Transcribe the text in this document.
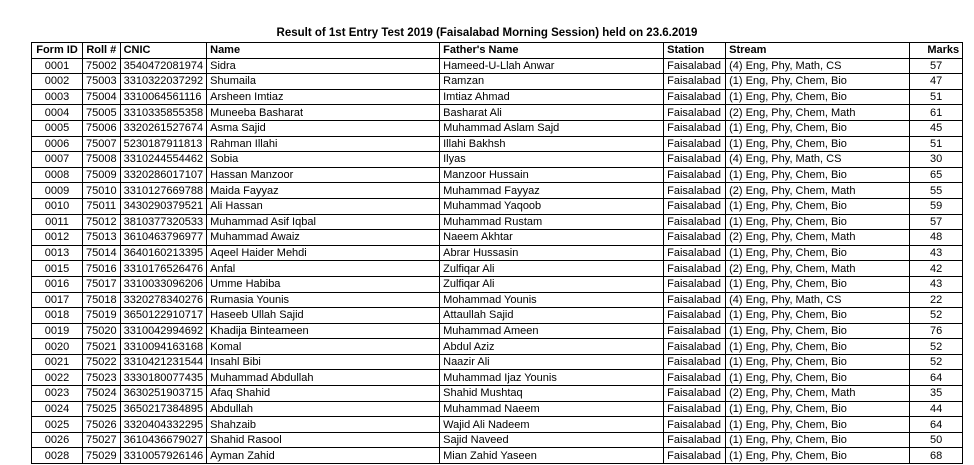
Result of 1st Entry Test 2019 (Faisalabad Morning Session) held on 23.6.2019
Form ID	Roll #	CNIC	Name	Father's Name	Station	Stream	Marks
0001	75002	3540472081974	Sidra	Hameed-U-Llah Anwar	Faisalabad	(4) Eng, Phy, Math, CS	57
0002	75003	3310322037292	Shumaila	Ramzan	Faisalabad	(1) Eng, Phy, Chem, Bio	47
0003	75004	3310064561116	Arsheen Imtiaz	Imtiaz Ahmad	Faisalabad	(1) Eng, Phy, Chem, Bio	51
0004	75005	3310335855358	Muneeba Basharat	Basharat Ali	Faisalabad	(2) Eng, Phy, Chem, Math	61
0005	75006	3320261527674	Asma Sajid	Muhammad Aslam Sajd	Faisalabad	(1) Eng, Phy, Chem, Bio	45
0006	75007	5230187911813	Rahman Illahi	Illahi Bakhsh	Faisalabad	(1) Eng, Phy, Chem, Bio	51
0007	75008	3310244554462	Sobia	Ilyas	Faisalabad	(4) Eng, Phy, Math, CS	30
0008	75009	3320286017107	Hassan Manzoor	Manzoor Hussain	Faisalabad	(1) Eng, Phy, Chem, Bio	65
0009	75010	3310127669788	Maida Fayyaz	Muhammad Fayyaz	Faisalabad	(2) Eng, Phy, Chem, Math	55
0010	75011	3430290379521	Ali Hassan	Muhammad Yaqoob	Faisalabad	(1) Eng, Phy, Chem, Bio	59
0011	75012	3810377320533	Muhammad Asif Iqbal	Muhammad Rustam	Faisalabad	(1) Eng, Phy, Chem, Bio	57
0012	75013	3610463796977	Muhammad Awaiz	Naeem Akhtar	Faisalabad	(2) Eng, Phy, Chem, Math	48
0013	75014	3640160213395	Aqeel Haider Mehdi	Abrar Hussasin	Faisalabad	(1) Eng, Phy, Chem, Bio	43
0015	75016	3310176526476	Anfal	Zulfiqar Ali	Faisalabad	(2) Eng, Phy, Chem, Math	42
0016	75017	3310033096206	Umme Habiba	Zulfiqar Ali	Faisalabad	(1) Eng, Phy, Chem, Bio	43
0017	75018	3320278340276	Rumasia Younis	Mohammad Younis	Faisalabad	(4) Eng, Phy, Math, CS	22
0018	75019	3650122910717	Haseeb Ullah Sajid	Attaullah Sajid	Faisalabad	(1) Eng, Phy, Chem, Bio	52
0019	75020	3310042994692	Khadija Binteameen	Muhammad Ameen	Faisalabad	(1) Eng, Phy, Chem, Bio	76
0020	75021	3310094163168	Komal	Abdul Aziz	Faisalabad	(1) Eng, Phy, Chem, Bio	52
0021	75022	3310421231544	Insahl Bibi	Naazir Ali	Faisalabad	(1) Eng, Phy, Chem, Bio	52
0022	75023	3330180077435	Muhammad Abdullah	Muhammad Ijaz Younis	Faisalabad	(1) Eng, Phy, Chem, Bio	64
0023	75024	3630251903715	Afaq Shahid	Shahid Mushtaq	Faisalabad	(2) Eng, Phy, Chem, Math	35
0024	75025	3650217384895	Abdullah	Muhammad Naeem	Faisalabad	(1) Eng, Phy, Chem, Bio	44
0025	75026	3320404332295	Shahzaib	Wajid Ali Nadeem	Faisalabad	(1) Eng, Phy, Chem, Bio	64
0026	75027	3610436679027	Shahid Rasool	Sajid Naveed	Faisalabad	(1) Eng, Phy, Chem, Bio	50
0028	75029	3310057926146	Ayman Zahid	Mian Zahid Yaseen	Faisalabad	(1) Eng, Phy, Chem, Bio	68
